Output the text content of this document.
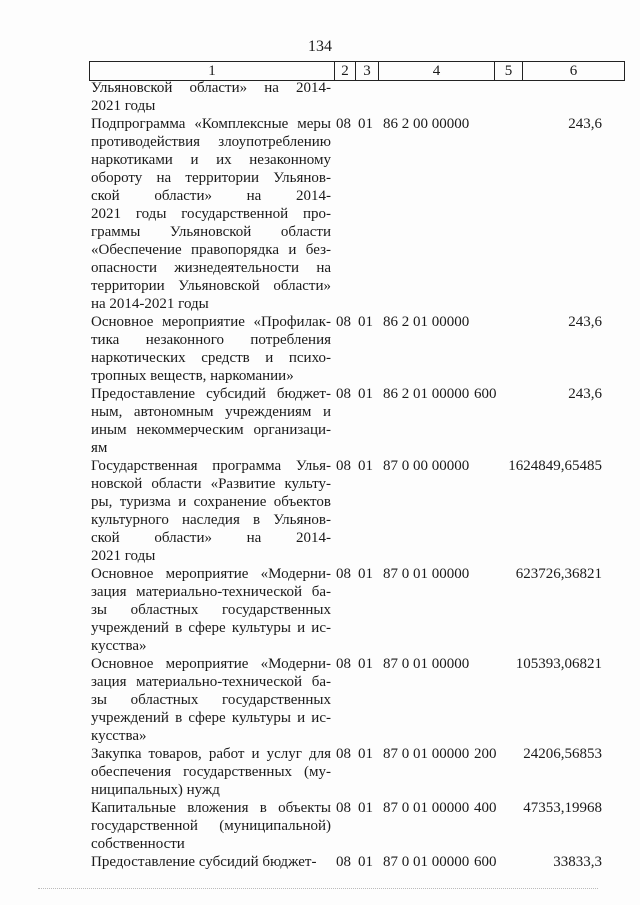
134
1	2	3	4	5	6
Ульяновской области» на 2014-
2021 годы
Подпрограмма «Комплексные меры
противодействия злоупотреблению
наркотиками и их незаконному
обороту на территории Ульянов-
ской области» на 2014-
2021 годы государственной про-
граммы Ульяновской области
«Обеспечение правопорядка и без-
опасности жизнедеятельности на
территории Ульяновской области»
на 2014-2021 годы
08 01 86 2 00 00000	243,6
Основное мероприятие «Профилак-
тика незаконного потребления
наркотических средств и психо-
тропных веществ, наркомании»
08 01 86 2 01 00000	243,6
Предоставление субсидий бюджет-
ным, автономным учреждениям и
иным некоммерческим организаци-
ям
08 01 86 2 01 00000 600	243,6
Государственная программа Улья-
новской области «Развитие культу-
ры, туризма и сохранение объектов
культурного наследия в Ульянов-
ской области» на 2014-
2021 годы
08 01 87 0 00 00000	1624849,65485
Основное мероприятие «Модерни-
зация материально-технической ба-
зы областных государственных
учреждений в сфере культуры и ис-
кусства»
08 01 87 0 01 00000	623726,36821
Основное мероприятие «Модерни-
зация материально-технической ба-
зы областных государственных
учреждений в сфере культуры и ис-
кусства»
08 01 87 0 01 00000	105393,06821
Закупка товаров, работ и услуг для
обеспечения государственных (му-
ниципальных) нужд
08 01 87 0 01 00000 200 24206,56853
Капитальные вложения в объекты
государственной (муниципальной)
собственности
08 01 87 0 01 00000 400 47353,19968
Предоставление субсидий бюджет-	08 01 87 0 01 00000 600	33833,3
